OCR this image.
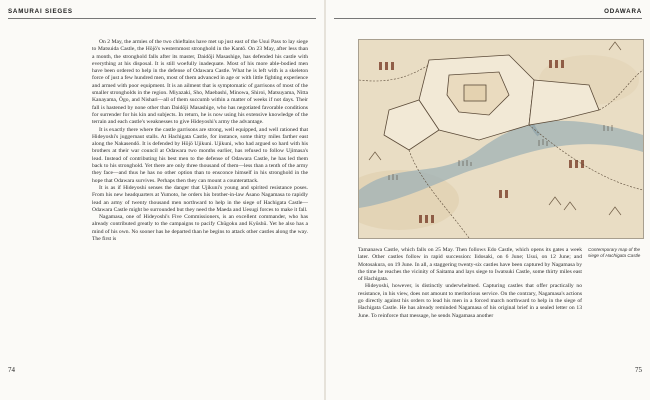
SAMURAI SIEGES

On 2 May, the armies of the two chieftains have met up just east of the Usui Pass to lay siege to Matsuida Castle, the Hōjō's westernmost stronghold in the Kantō. On 23 May, after less than a month, the stronghold falls after its master, Daidōji Masashige, has defended his castle with everything at his disposal. It is still woefully inadequate. Most of his more able-bodied men have been ordered to help in the defense of Odawara Castle. What he is left with is a skeleton force of just a few hundred men, most of them advanced in age or with little fighting experience and armed with poor equipment. It is an ailment that is symptomatic of garrisons of most of the smaller strongholds in the region. Miyazaki, Sho, Maebashi, Minowa, Shiroi, Matsuyama, Nitta Kanayama, Ōgo, and Nishari—all of them succumb within a matter of weeks if not days. Their fall is hastened by none other than Daidōji Masashige, who has negotiated favorable conditions for surrender for his kin and subjects. In return, he is now using his extensive knowledge of the terrain and each castle's weaknesses to give Hideyoshi's army the advantage.

It is exactly there where the castle garrisons are strong, well equipped, and well rationed that Hideyoshi's juggernaut stalls. At Hachigata Castle, for instance, some thirty miles farther east along the Nakasendō. It is defended by Hōjō Ujikuni. Ujikuni, who had argued so hard with his brothers at their war council at Odawara two months earlier, has refused to follow Ujimasa's lead. Instead of contributing his best men to the defense of Odawara Castle, he has led them back to his stronghold. Yet there are only three thousand of them—less than a tenth of the army they face—and thus he has no other option than to ensconce himself in his stronghold in the hope that Odawara survives. Perhaps then they can mount a counterattack.

It is as if Hideyoshi senses the danger that Ujikuni's young and spirited resistance poses. From his new headquarters at Yumoto, he orders his brother-in-law Asano Nagamasa to rapidly lead an army of twenty thousand men northward to help in the siege of Hachigata Castle—Odawara Castle might be surrounded but they need the Maeda and Uesugi forces to make it fall.

Nagamasa, one of Hideyoshi's Five Commissioners, is an excellent commander, who has already contributed greatly to the campaigns to pacify Chūgoku and Kyūshū. Yet he also has a mind of his own. No sooner has he departed than he begins to attack other castles along the way. The first is

74
ODAWARA
Contemporary map of the siege of Hachigata Castle

Tamanawa Castle, which falls on 25 May. Then follows Edo Castle, which opens its gates a week later. Other castles follow in rapid succession: Iidosaki, on 6 June; Usui, on 12 June; and Motosakura, on 19 June. In all, a staggering twenty-six castles have been captured by Nagamasa by the time he reaches the vicinity of Saitama and lays siege to Iwatsuki Castle, some thirty miles east of Hachigata.

Hideyoshi, however, is distinctly underwhelmed. Capturing castles that offer practically no resistance, in his view, does not amount to meritorious service. On the contrary, Nagamasa's actions go directly against his orders to lead his men in a forced march northward to help in the siege of Hachigata Castle. He has already reminded Nagamasa of his original brief in a sealed letter on 13 June. To reinforce that message, he sends Nagamasa another

75
